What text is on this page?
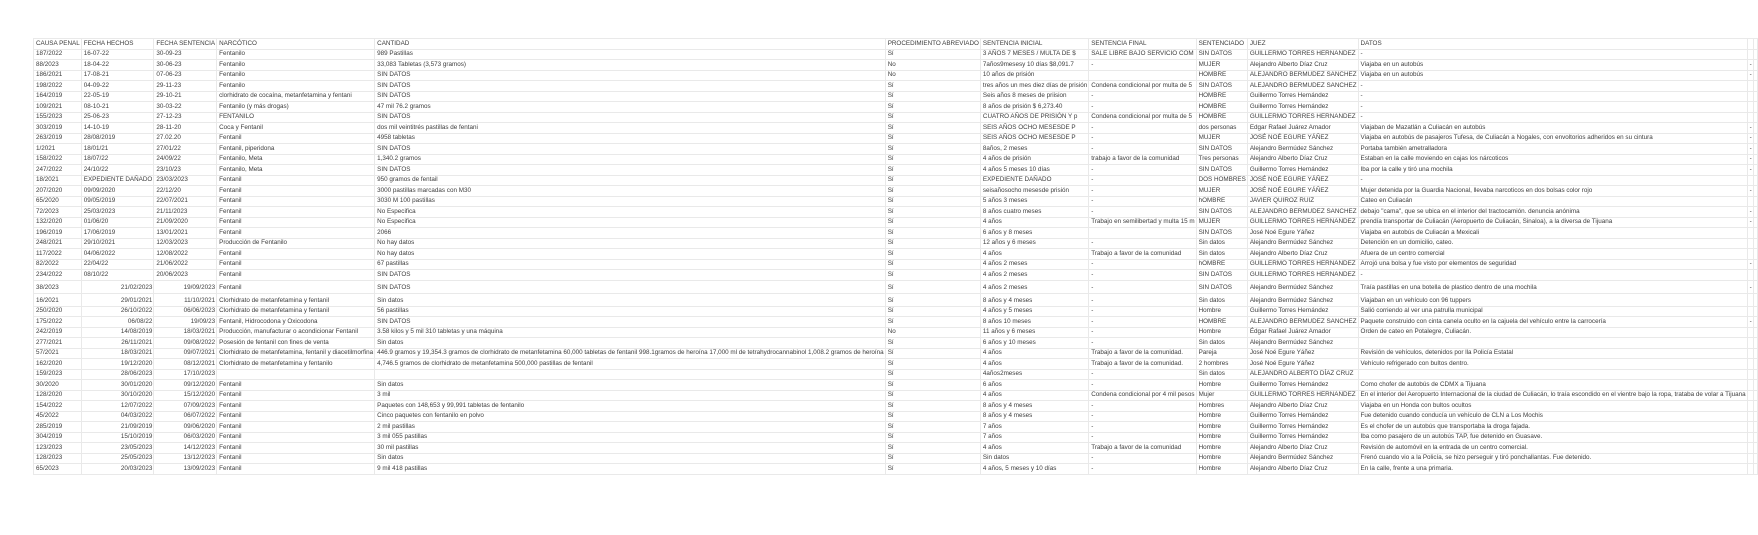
CAUSA PENAL	FECHA HECHOS	FECHA SENTENCIA	NARCÓTICO	CANTIDAD	PROCEDIMIENTO ABREVIADO	SENTENCIA INICIAL	SENTENCIA FINAL	SENTENCIADO	JUEZ	DATOS		
187/2022	16-07-22	30-09-23	Fentanilo	989 Pastillas	Sí	3 AÑOS 7 MESES / MULTA DE $	SALE LIBRE BAJO SERVICIO COM	SIN DATOS	GUILLERMO TORRES HERNANDEZ	-		
88/2023	18-04-22	30-06-23	Fentanilo	33,083 Tabletas (3,573 gramos)	No	7años9mesesy 10 días $8,091.7	-	MUJER	Alejandro Alberto Díaz Cruz	Viajaba en un autobús	-	
186/2021	17-08-21	07-06-23	Fentanilo	SIN DATOS	No	10 años de prisión		HOMBRE	ALEJANDRO BERMUDEZ SANCHEZ	Viajaba en un autobús	-	
198/2022	04-09-22	29-11-23	Fentanilo	SIN DATOS	Sí	tres años un mes diez días de prisión	Condena condicional por multa de 5	SIN DATOS	ALEJANDRO BERMUDEZ SANCHEZ	-		
164/2019	22-05-19	29-10-21	clorhidrato de cocaína, metanfetamina y fentani	SIN DATOS	Sí	Seis años 8 meses de priision	-	HOMBRE	Guillermo Torres Hernández	-		
109/2021	08-10-21	30-03-22	Fentanilo (y más drogas)	47 mil 76.2 gramos	Sí	8 años de prisión $ 6,273.40	-	HOMBRE	Guillermo Torres Hernández	-		
155/2023	25-06-23	27-12-23	FENTANILO	SIN DATOS	Sí	CUATRO AÑOS DE PRISIÓN Y p	Condena condicional por multa de 5	HOMBRE	GUILLERMO TORRES HERNANDEZ	-		
303/2019	14-10-19	28-11-20	Coca y Fentanil	dos mil veintitrés pastillas de fentani	Sí	SEIS AÑOS OCHO MESESDE P	-	dos personas	Edgar Rafael Juárez Amador	Viajaban de Mazatlán a Culiacán en autobús	-	
263/2019	28/08/2019	27.02.20	Fentanil	4958 tabletas	Sí	SEIS AÑOS OCHO MESESDE P	-	MUJER	JOSÉ NOÉ EGURE YÁÑEZ	Viajaba en autobús de pasajeros Tufesa, de Culiacán a Nogales, con envoltorios adheridos en su cintura	-	
1/2021	18/01/21	27/01/22	Fentanil, piperidona	SIN DATOS	Sí	8años, 2 meses	-	SIN DATOS	Alejandro Bermúdez Sánchez	Portaba también ametralladora	-	
158/2022	18/07/22	24/09/22	Fentanilo, Meta	1,340.2 gramos	Sí	4 años de prisión	trabajo a favor de la comunidad	Tres personas	Alejandro Alberto Díaz Cruz	Estaban en la calle moviendo en cajas los nárcoticos	-	
247/2022	24/10/22	23/10/23	Fentanilo, Meta	SIN DATOS	Sí	4 años 5 meses 10 días	-	SIN DATOS	Guillermo Torres Hernández	Iba por la calle y tiró una mochila	-	
18/2021	EXPEDIENTE DAÑADO	23/03/2023	Fentanil	950 gramos de fentail	Sí	EXPEDIENTE DAÑADO	-	DOS HOMBRES	JOSÉ NOÉ EGURE YÁÑEZ	-		
207/2020	09/09/2020	22/12/20	Fentanil	3000 pastillas marcadas con M30	Sí	seisañosocho mesesde prisión	-	MUJER	JOSÉ NOÉ EGURE YÁÑEZ	Mujer detenida por la Guardia Nacional, llevaba narcoticos en dos bolsas color rojo	-	
65/2020	09/05/2019	22/07/2021	Fentanil	3030 M 100 pastillas	Sí	5 años 3 meses	-	hOMBRE	JAVIER QUIROZ RUIZ	Cateo en Culiacán		
72/2023	25/03/2023	21/11/2023	Fentanil	No Especifica	Sí	8 años cuatro meses	-	SIN DATOS	ALEJANDRO BERMUDEZ SANCHEZ	debajo "cama", que se ubica en el interior del tractocamión. denuncia anónima	-	
132/2020	01/06/20	21/09/2020	Fentanil	No Especifica	Sí	4 años	Trabajo en semilibertad y multa 15 m	MUJER	GUILLERMO TORRES HERNANDEZ	prendía transportar de Culiacán (Aeropuerto de Culiacán, Sinaloa), a la diversa de Tijuana	-	
196/2019	17/06/2019	13/01/2021	Fentanil	2066	Sí	6 años y 8 meses		SIN DATOS	José Noé Egure Yáñez	Viajaba en autobús de Culiacán a Mexicali		
248/2021	29/10/2021	12/03/2023	Producción de Fentanilo	No hay datos	Sí	12 años y 6 meses	-	Sin datos	Alejandro Bermúdez Sánchez	Detención en un domicilio, cateo.		
117/2022	04/06/2022	12/08/2022	Fentanil	No hay datos	Sí	4 años	Trabajo a favor de la comunidad	Sin datos	Alejandro Alberto Díaz Cruz	Afuera de un centro comercial		
82/2022	22/04/22	21/06/2022	Fentanil	67 pastillas	Sí	4 años 2 meses	-	hOMBRE	GUILLERMO TORRES HERNANDEZ	Arrojó una bolsa y fue visto por elementos de seguridad	-	
234/2022	08/10/22	20/06/2023	Fentanil	SIN DATOS	Sí	4 años 2 meses	-	SIN DATOS	GUILLERMO TORRES HERNANDEZ	-		
38/2023	21/02/2023	19/09/2023	Fentanil	SIN DATOS	Sí	4 años 2 meses	-	SIN DATOS	Alejandro Bermúdez Sánchez	Traía pastillas en una botella de plastico dentro de una mochila	-	
16/2021	29/01/2021	11/10/2021	Clorhidrato de metanfetamina y fentanil	Sin datos	Sí	8 años y 4 meses	-	Sin datos	Alejandro Bermúdez Sánchez	Viajaban en un vehículo con 96 tuppers		
250/2020	26/10/2022	06/06/2023	Clorhidrato de metanfetamina y fentanil	56 pastillas	Sí	4 años y 5 meses	-	Hombre	Guillermo Torres Hernández	Salió corriendo al ver una patrulla municipal		
175/2022	06/08/22	19/09/23	Fentanil, Hidrocodona y Oxicodona	SIN DATOS	Sí	8 años 10 meses	-	HOMBRE	ALEJANDRO BERMUDEZ SANCHEZ	Paquete construido con cinta canela oculto en la cajuela del vehículo entre la carrocería	-	
242/2019	14/08/2019	18/03/2021	Producción, manufacturar o acondicionar Fentanil	3.58 kilos y 5 mil 310 tabletas y una máquina	No	11 años y 6 meses	-	Hombre	Édgar Rafael Juárez Amador	Orden de cateo en Potalegre, Culiacán.		
277/2021	26/11/2021	09/08/2022	Posesión de fentanil con fines de venta	Sin datos	Sí	6 años y 10 meses	-	Sin datos	Alejandro Bermúdez Sánchez			
57/2021	18/03/2021	09/07/2021	Clorhidrato de metanfetamina, fentanil y diacetilmorfina	446.9 gramos y 19,354.3 gramos de clorhidrato de metanfetamina 60,000 tabletas de fentanil 998.1gramos de heroína 17,000 ml de tetrahydrocannabinol 1,008.2 gramos de heroína	Sí	4 años	Trabajo a favor de la comunidad.	Pareja	José Noé Egure Yáñez	Revisión de vehículos, detenidos por lla Policía Estatal		
162/2020	19/12/2020	08/12/2021	Clorhidrato de metanfetamina y fentanilo	4,746.5 gramos de clorhidrato de metanfetamina 500,000 pastillas de fentanil	Sí	4 años	Trabajo a favor de la comunidad.	2 hombres	José Noé Egure Yáñez	Vehículo refrigerado con bultos dentro.		
159/2023	28/06/2023	17/10/2023			Sí	4años2meses	-	Sin datos	ALEJANDRO ALBERTO DÍAZ CRUZ			
30/2020	30/01/2020	09/12/2020	Fentanil	Sin datos	Sí	6 años	-	Hombre	Guillermo Torres Hernández	Como chofer de autobús de CDMX a Tijuana		
128/2020	30/10/2020	15/12/2020	Fentanil	3 mil	Sí	4 años	Condena condicional por 4 mil pesos	Mujer	GUILLERMO TORRES HERNANDEZ	En el interior del Aeropuerto Internacional de la ciudad de Culiacán, lo traía escondido en el vientre bajo la ropa, trataba de volar a Tijuana		
154/2022	12/07/2022	07/09/2023	Fentanil	Paquetes con 148,653 y 99,991 tabletas de fentanilo	Sí	8 años y 4 meses	-	Hombres	Alejandro Alberto Díaz Cruz	Viajaba en un Honda con bultos ocultos		
45/2022	04/03/2022	06/07/2022	Fentanil	Cinco paquetes con fentanilo en polvo	Sí	8 años y 4 meses	-	Hombre	Guillermo Torres Hernández	Fue detenido cuando conducía un vehículo de CLN a Los Mochis		
285/2019	21/09/2019	09/06/2020	Fentanil	2 mil pastillas	Sí	7 años	-	Hombre	Guillermo Torres Hernández	Es el chofer de un autobús que transportaba la droga fajada.		
304/2019	15/10/2019	06/03/2020	Fentanil	3 mil 055 pastillas	Sí	7 años	-	Hombre	Guillermo Torres Hernández	Iba como pasajero de un autobús TAP, fue detenido en Guasave.		
123/2023	23/05/2023	14/12/2023	Fentanil	30 mil pastillas	Sí	4 años	Trabajo a favor de la comunidad	Hombre	Alejandro Alberto Díaz Cruz	Revisión de automóvil en la entrada de un centro comercial.		
128/2023	25/05/2023	13/12/2023	Fentanil	Sin datos	Sí	Sin datos	-	Hombre	Alejandro Bermúdez Sánchez	Frenó cuando vio a la Policía, se hizo perseguir y tiró ponchallantas. Fue detenido.		
65/2023	20/03/2023	13/09/2023	Fentanil	9 mil 418 pastillas	Sí	4 años, 5 meses y 10 días	-	Hombre	Alejandro Alberto Díaz Cruz	En la calle, frente a una primaria.		
